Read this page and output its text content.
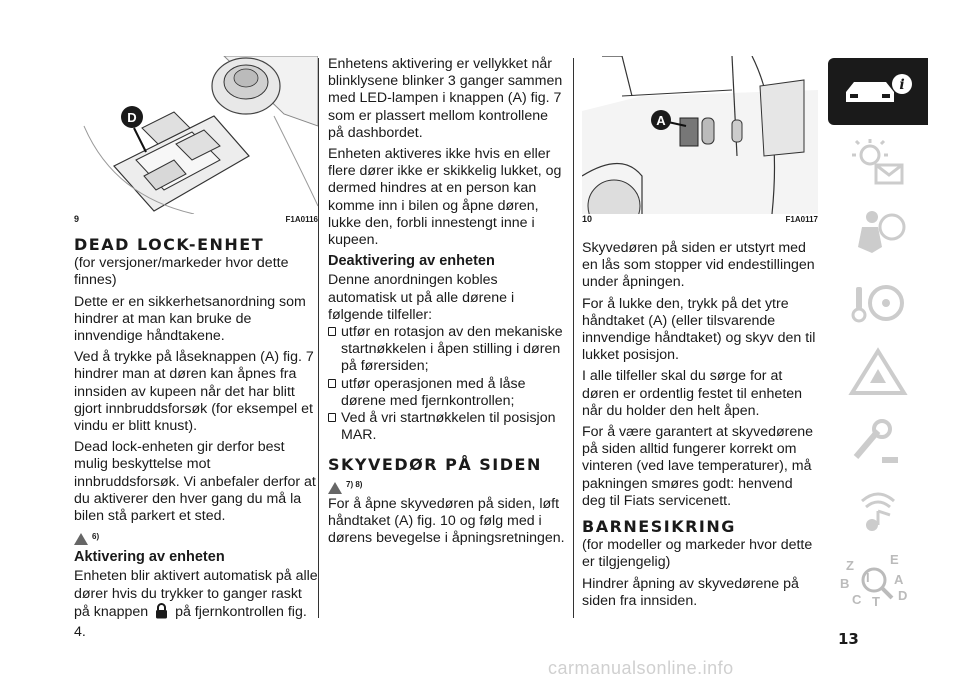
D
9	F1A0116
DEAD LOCK-ENHET

(for versjoner/markeder hvor dette finnes)

Dette er en sikkerhetsanordning som hindrer at man kan bruke de innvendige håndtakene.

Ved å trykke på låseknappen (A) fig. 7 hindrer man at døren kan åpnes fra innsiden av kupeen når det har blitt gjort innbruddsforsøk (for eksempel et vindu er blitt knust).

Dead lock-enheten gir derfor best mulig beskyttelse mot innbruddsforsøk. Vi anbefaler derfor at du aktiverer den hver gang du må la bilen stå parkert et sted.

6)
Aktivering av enheten

Enheten blir aktivert automatisk på alle dører hvis du trykker to ganger raskt på knappen på fjernkontrollen fig. 4.

Enhetens aktivering er vellykket når blinklysene blinker 3 ganger sammen med LED-lampen i knappen (A) fig. 7 som er plassert mellom kontrollene på dashbordet.

Enheten aktiveres ikke hvis en eller flere dører ikke er skikkelig lukket, og dermed hindres at en person kan komme inn i bilen og åpne døren, lukke den, forbli innestengt inne i kupeen.

Deaktivering av enheten

Denne anordningen kobles automatisk ut på alle dørene i følgende tilfeller:

utfør en rotasjon av den mekaniske startnøkkelen i åpen stilling i døren på førersiden;
utfør operasjonen med å låse dørene med fjernkontrollen;
Ved å vri startnøkkelen til posisjon MAR.
SKYVEDØR PÅ SIDEN
7) 8)

For å åpne skyvedøren på siden, løft håndtaket (A) fig. 10 og følg med i dørens bevegelse i åpningsretningen.

A
10	F1A0117

Skyvedøren på siden er utstyrt med en lås som stopper vid endestillingen under åpningen.

For å lukke den, trykk på det ytre håndtaket (A) (eller tilsvarende innvendige håndtaket) og skyv den til lukket posisjon.

I alle tilfeller skal du sørge for at døren er ordentlig festet til enheten når du holder den helt åpen.

For å være garantert at skyvedørene på siden alltid fungerer korrekt om vinteren (ved lave temperaturer), må pakningen smøres godt: henvend deg til Fiats servicenett.

BARNESIKRING

(for modeller og markeder hvor dette er tilgjengelig)

Hindrer åpning av skyvedørene på siden fra innsiden.

i
Z	E
B	A
C T D
I
13
carmanualsonline.info
